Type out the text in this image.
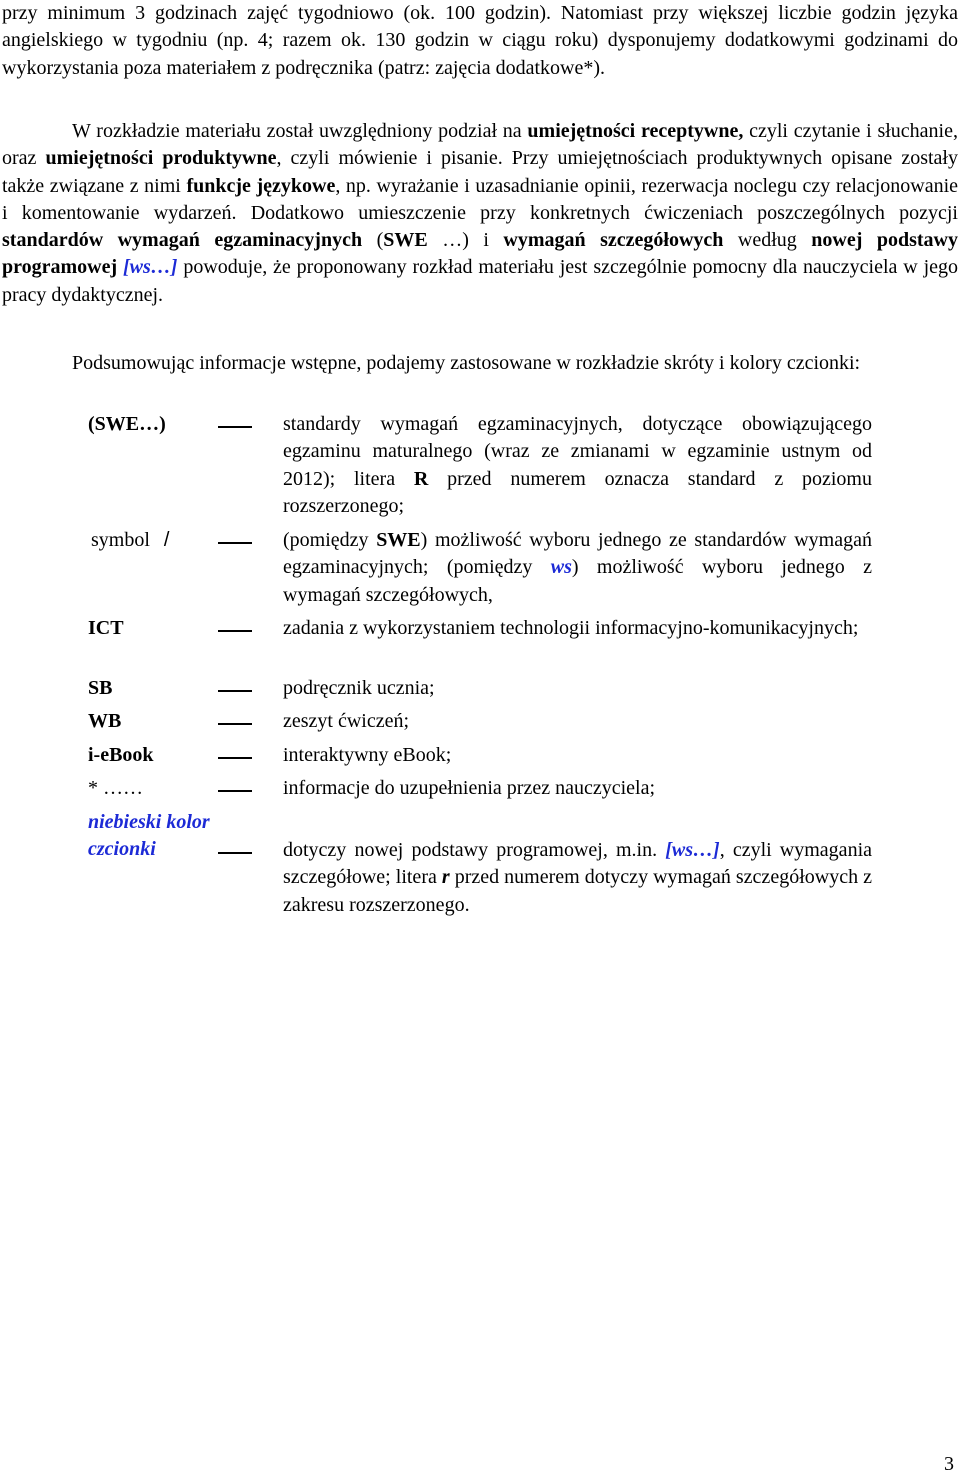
przy minimum 3 godzinach zajęć tygodniowo (ok. 100 godzin). Natomiast przy większej liczbie godzin języka angielskiego w tygodniu (np. 4; razem ok. 130 godzin w ciągu roku) dysponujemy dodatkowymi godzinami do wykorzystania poza materiałem z podręcznika (patrz: zajęcia dodatkowe*).

W rozkładzie materiału został uwzględniony podział na umiejętności receptywne, czyli czytanie i słuchanie, oraz umiejętności produktywne, czyli mówienie i pisanie. Przy umiejętnościach produktywnych opisane zostały także związane z nimi funkcje językowe, np. wyrażanie i uzasadnianie opinii, rezerwacja noclegu czy relacjonowanie i komentowanie wydarzeń. Dodatkowo umieszczenie przy konkretnych ćwiczeniach poszczególnych pozycji standardów wymagań egzaminacyjnych (SWE …) i wymagań szczegółowych według nowej podstawy programowej [ws…] powoduje, że proponowany rozkład materiału jest szczególnie pomocny dla nauczyciela w jego pracy dydaktycznej.

Podsumowując informacje wstępne, podajemy zastosowane w rozkładzie skróty i kolory czcionki:

(SWE…)	standardy wymagań egzaminacyjnych, dotyczące obowiązującego egzaminu maturalnego (wraz ze zmianami w egzaminie ustnym od 2012); litera R przed numerem oznacza standard z poziomu rozszerzonego;

symbol /	(pomiędzy SWE) możliwość wyboru jednego ze standardów wymagań egzaminacyjnych; (pomiędzy ws) możliwość wyboru jednego z wymagań szczegółowych,

ICT	zadania z wykorzystaniem technologii informacyjno-komunikacyjnych;

SB	podręcznik ucznia;

WB	zeszyt ćwiczeń;

i-eBook	interaktywny eBook;

* ……	informacje do uzupełnienia przez nauczyciela;

niebieski kolor
czcionki	dotyczy nowej podstawy programowej, m.in. [ws…], czyli wymagania szczegółowe; litera r przed numerem dotyczy wymagań szczegółowych z zakresu rozszerzonego.

3
